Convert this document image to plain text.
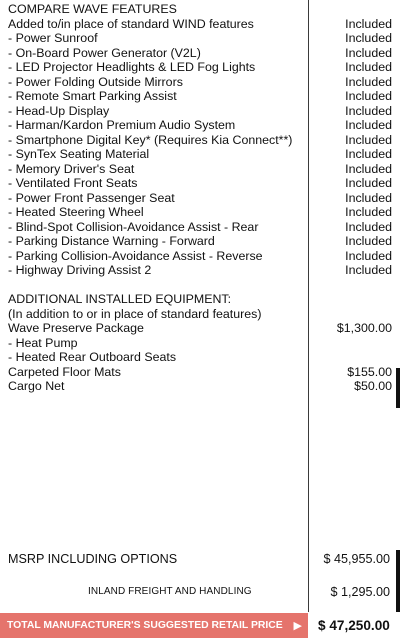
COMPARE WAVE FEATURES
Added to/in place of standard WIND features
- Power Sunroof
- On-Board Power Generator (V2L)
- LED Projector Headlights & LED Fog Lights
- Power Folding Outside Mirrors
- Remote Smart Parking Assist
- Head-Up Display
- Harman/Kardon Premium Audio System
- Smartphone Digital Key* (Requires Kia Connect**)
- SynTex Seating Material
- Memory Driver's Seat
- Ventilated Front Seats
- Power Front Passenger Seat
- Heated Steering Wheel
- Blind-Spot Collision-Avoidance Assist - Rear
- Parking Distance Warning - Forward
- Parking Collision-Avoidance Assist - Reverse
- Highway Driving Assist 2
ADDITIONAL INSTALLED EQUIPMENT:
(In addition to or in place of standard features)
Wave Preserve Package
- Heat Pump
- Heated Rear Outboard Seats
Carpeted Floor Mats
Cargo Net
Included
Included
Included
Included
Included
Included
Included
Included
Included
Included
Included
Included
Included
Included
Included
Included
Included
Included
$1,300.00
$155.00
$50.00
MSRP INCLUDING OPTIONS	$ 45,955.00
INLAND FREIGHT AND HANDLING	$ 1,295.00
TOTAL MANUFACTURER'S SUGGESTED RETAIL PRICE ▶ $ 47,250.00
